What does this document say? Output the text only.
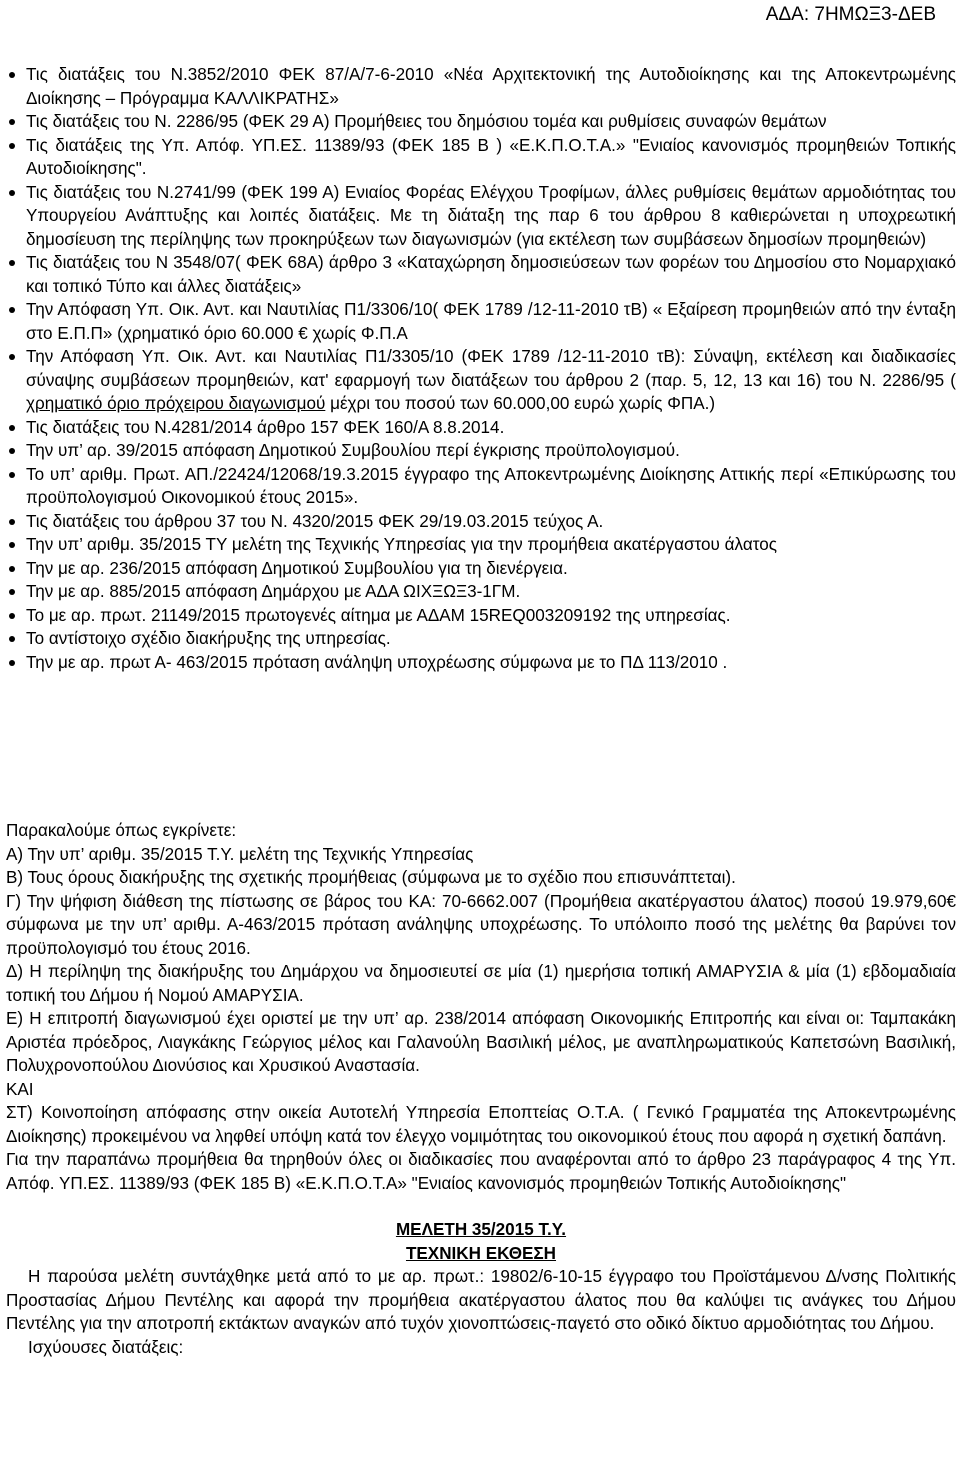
ΑΔΑ: 7ΗΜΩΞ3-ΔΕΒ
Τις διατάξεις του Ν.3852/2010 ΦΕΚ 87/Α/7-6-2010 «Νέα Αρχιτεκτονική της Αυτοδιοίκησης και της Αποκεντρωμένης Διοίκησης – Πρόγραμμα ΚΑΛΛΙΚΡΑΤΗΣ»
Τις διατάξεις του Ν. 2286/95 (ΦΕΚ 29 Α) Προμήθειες του δημόσιου τομέα και ρυθμίσεις συναφών θεμάτων
Τις διατάξεις της Υπ. Απόφ. ΥΠ.ΕΣ. 11389/93 (ΦΕΚ 185 Β ) «Ε.Κ.Π.Ο.Τ.Α.» "Ενιαίος κανονισμός προμηθειών Τοπικής Αυτοδιοίκησης".
Τις διατάξεις του Ν.2741/99 (ΦΕΚ 199 Α) Ενιαίος Φορέας Ελέγχου Τροφίμων, άλλες ρυθμίσεις θεμάτων αρμοδιότητας του Υπουργείου Ανάπτυξης και λοιπές διατάξεις. Με τη διάταξη της παρ 6 του άρθρου 8 καθιερώνεται η υποχρεωτική δημοσίευση της περίληψης των προκηρύξεων των διαγωνισμών (για εκτέλεση των συμβάσεων δημοσίων προμηθειών)
Τις διατάξεις του Ν 3548/07( ΦΕΚ 68Α) άρθρο 3 «Καταχώρηση δημοσιεύσεων των φορέων του Δημοσίου στο Νομαρχιακό και τοπικό Τύπο και άλλες διατάξεις»
Την Απόφαση Υπ. Οικ. Αντ. και Ναυτιλίας Π1/3306/10( ΦΕΚ 1789 /12-11-2010 τΒ) « Εξαίρεση προμηθειών από την ένταξη στο Ε.Π.Π» (χρηματικό όριο 60.000 € χωρίς Φ.Π.Α
Την Απόφαση Υπ. Οικ. Αντ. και Ναυτιλίας Π1/3305/10 (ΦΕΚ 1789 /12-11-2010 τΒ): Σύναψη, εκτέλεση και διαδικασίες σύναψης συμβάσεων προμηθειών, κατ' εφαρμογή των διατάξεων του άρθρου 2 (παρ. 5, 12, 13 και 16) του Ν. 2286/95 ( χρηματικό όριο πρόχειρου διαγωνισμού μέχρι του ποσού των 60.000,00 ευρώ χωρίς ΦΠΑ.)
Τις διατάξεις του Ν.4281/2014 άρθρο 157 ΦΕΚ 160/Α 8.8.2014.
Την υπ’ αρ. 39/2015 απόφαση Δημοτικού Συμβουλίου περί έγκρισης προϋπολογισμού.
Το υπ’ αριθμ. Πρωτ. ΑΠ./22424/12068/19.3.2015 έγγραφο της Αποκεντρωμένης Διοίκησης Αττικής περί «Επικύρωσης του προϋπολογισμού Οικονομικού έτους 2015».
Τις διατάξεις του άρθρου 37 του Ν. 4320/2015 ΦΕΚ 29/19.03.2015 τεύχος Α.
Την υπ’ αριθμ. 35/2015 ΤΥ μελέτη της Τεχνικής Υπηρεσίας για την προμήθεια ακατέργαστου άλατος
Την με αρ. 236/2015 απόφαση Δημοτικού Συμβουλίου για τη διενέργεια.
Την με αρ. 885/2015 απόφαση Δημάρχου με ΑΔΑ ΩΙΧΞΩΞ3-1ΓΜ.
Το με αρ. πρωτ. 21149/2015 πρωτογενές αίτημα με ΑΔΑΜ 15REQ003209192 της υπηρεσίας.
Το αντίστοιχο σχέδιο διακήρυξης της υπηρεσίας.
Την με αρ. πρωτ Α- 463/2015 πρόταση ανάληψη υποχρέωσης σύμφωνα με το ΠΔ 113/2010 .

Παρακαλούμε όπως εγκρίνετε:

Α) Την υπ’ αριθμ. 35/2015 Τ.Υ. μελέτη της Τεχνικής Υπηρεσίας

Β) Τους όρους διακήρυξης της σχετικής προμήθειας (σύμφωνα με το σχέδιο που επισυνάπτεται).

Γ) Την ψήφιση διάθεση της πίστωσης σε βάρος του ΚΑ: 70-6662.007 (Προμήθεια ακατέργαστου άλατος) ποσού 19.979,60€ σύμφωνα με την υπ’ αριθμ. Α-463/2015 πρόταση ανάληψης υποχρέωσης. Το υπόλοιπο ποσό της μελέτης θα βαρύνει τον προϋπολογισμό του έτους 2016.

Δ) Η περίληψη της διακήρυξης του Δημάρχου να δημοσιευτεί σε μία (1) ημερήσια τοπική ΑΜΑΡΥΣΙΑ & μία (1) εβδομαδιαία τοπική του Δήμου ή Νομού ΑΜΑΡΥΣΙΑ.

Ε) Η επιτροπή διαγωνισμού έχει οριστεί με την υπ’ αρ. 238/2014 απόφαση Οικονομικής Επιτροπής και είναι οι: Ταμπακάκη Αριστέα πρόεδρος, Λιαγκάκης Γεώργιος μέλος και Γαλανούλη Βασιλική μέλος, με αναπληρωματικούς Καπετσώνη Βασιλική, Πολυχρονοπούλου Διονύσιος και Χρυσικού Αναστασία.

ΚΑΙ

ΣΤ) Κοινοποίηση απόφασης στην οικεία Αυτοτελή Υπηρεσία Εποπτείας Ο.Τ.Α. ( Γενικό Γραμματέα της Αποκεντρωμένης Διοίκησης) προκειμένου να ληφθεί υπόψη κατά τον έλεγχο νομιμότητας του οικονομικού έτους που αφορά η σχετική δαπάνη.

Για την παραπάνω προμήθεια θα τηρηθούν όλες οι διαδικασίες που αναφέρονται από το άρθρο 23 παράγραφος 4 της Υπ. Απόφ. ΥΠ.ΕΣ. 11389/93 (ΦΕΚ 185 Β) «Ε.Κ.Π.Ο.Τ.Α» "Ενιαίος κανονισμός προμηθειών Τοπικής Αυτοδιοίκησης"

ΜΕΛΕΤΗ 35/2015 Τ.Υ.

ΤΕΧΝΙΚΗ ΕΚΘΕΣΗ

Η παρούσα μελέτη συντάχθηκε μετά από το με αρ. πρωτ.: 19802/6-10-15 έγγραφο του Προϊστάμενου Δ/νσης Πολιτικής Προστασίας Δήμου Πεντέλης και αφορά την προμήθεια ακατέργαστου άλατος που θα καλύψει τις ανάγκες του Δήμου Πεντέλης για την αποτροπή εκτάκτων αναγκών από τυχόν χιονοπτώσεις-παγετό στο οδικό δίκτυο αρμοδιότητας του Δήμου.

Ισχύουσες διατάξεις:
